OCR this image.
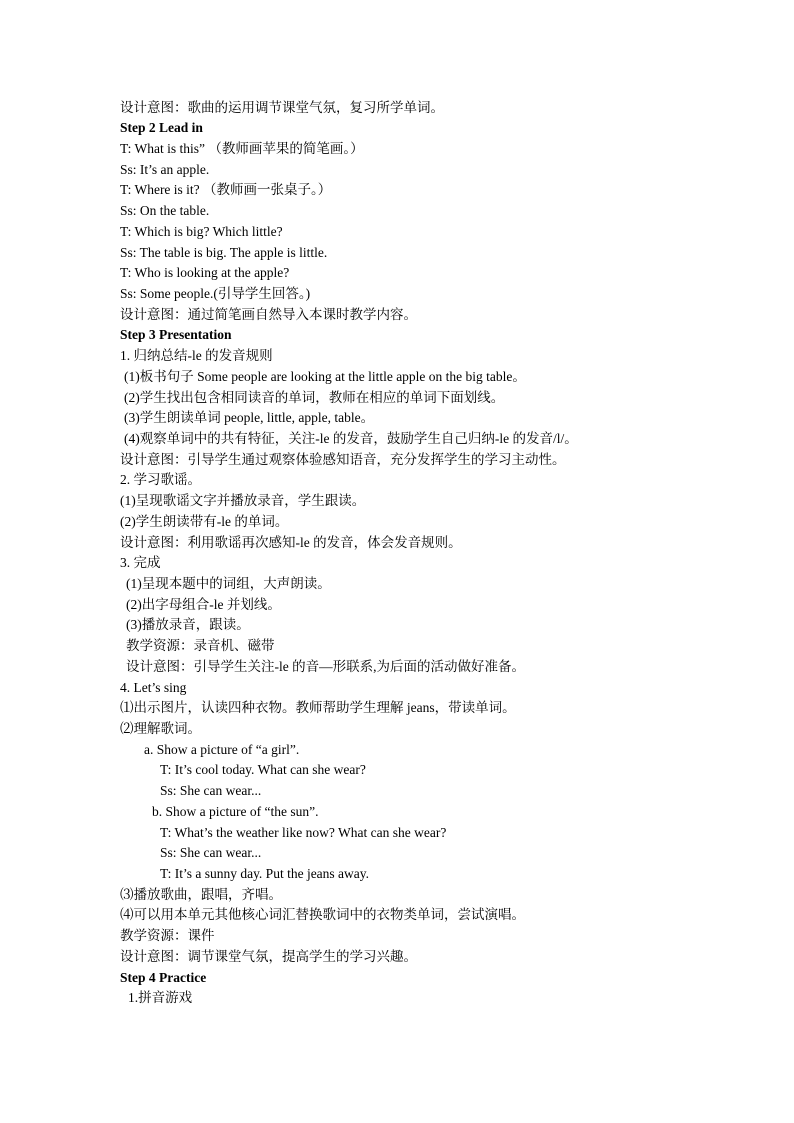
设计意图：歌曲的运用调节课堂气氛，复习所学单词。
Step 2 Lead in
T: What is this” （教师画苹果的简笔画。）
Ss: It’s an apple.
T: Where is it? （教师画一张桌子。）
Ss: On the table.
T: Which is big? Which little?
Ss: The table is big. The apple is little.
T: Who is looking at the apple?
Ss: Some people.(引导学生回答。)
设计意图：通过简笔画自然导入本课时教学内容。
Step 3 Presentation
1. 归纳总结-le 的发音规则
(1)板书句子 Some people are looking at the little apple on the big table。
(2)学生找出包含相同读音的单词，教师在相应的单词下面划线。
(3)学生朗读单词 people, little, apple, table。
(4)观察单词中的共有特征，关注-le 的发音，鼓励学生自己归纳-le 的发音/l/。
设计意图：引导学生通过观察体验感知语音，充分发挥学生的学习主动性。
2. 学习歌谣。
(1)呈现歌谣文字并播放录音，学生跟读。
(2)学生朗读带有-le 的单词。
设计意图：利用歌谣再次感知-le 的发音，体会发音规则。
3. 完成
(1)呈现本题中的词组，大声朗读。
(2)出字母组合-le 并划线。
(3)播放录音，跟读。
教学资源：录音机、磁带
设计意图：引导学生关注-le 的音—形联系,为后面的活动做好准备。
4. Let’s sing
⑴出示图片，认读四种衣物。教师帮助学生理解 jeans，带读单词。
⑵理解歌词。
a. Show a picture of “a girl”.
T: It’s cool today. What can she wear?
Ss: She can wear...
b. Show a picture of “the sun”.
T: What’s the weather like now? What can she wear?
Ss: She can wear...
T: It’s a sunny day. Put the jeans away.
⑶播放歌曲，跟唱，齐唱。
⑷可以用本单元其他核心词汇替换歌词中的衣物类单词，尝试演唱。
教学资源：课件
设计意图：调节课堂气氛，提高学生的学习兴趣。
Step 4 Practice
1.拼音游戏
